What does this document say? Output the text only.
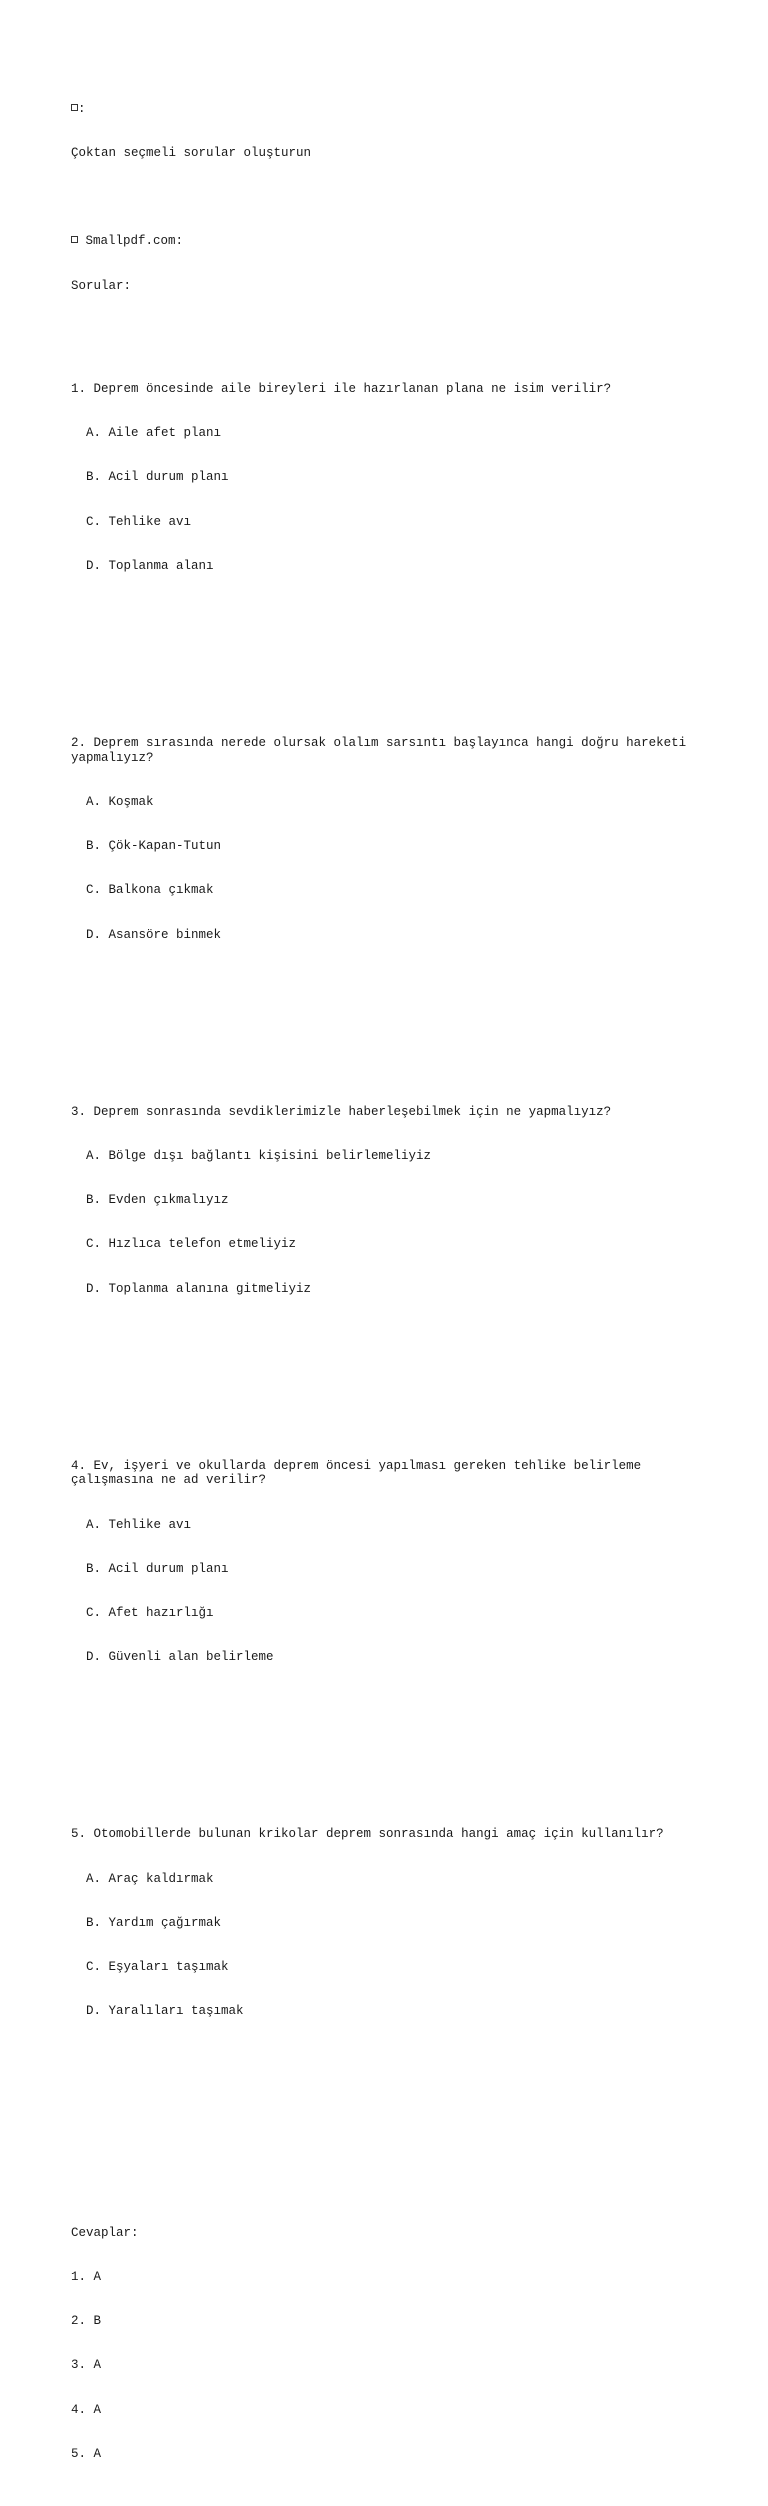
:

Çoktan seçmeli sorular oluşturun

Smallpdf.com:

Sorular:

1. Deprem öncesinde aile bireyleri ile hazırlanan plana ne isim verilir?

A. Aile afet planı

B. Acil durum planı

C. Tehlike avı

D. Toplanma alanı

2. Deprem sırasında nerede olursak olalım sarsıntı başlayınca hangi doğru hareketi yapmalıyız?

A. Koşmak

B. Çök-Kapan-Tutun

C. Balkona çıkmak

D. Asansöre binmek

3. Deprem sonrasında sevdiklerimizle haberleşebilmek için ne yapmalıyız?

A. Bölge dışı bağlantı kişisini belirlemeliyiz

B. Evden çıkmalıyız

C. Hızlıca telefon etmeliyiz

D. Toplanma alanına gitmeliyiz

4. Ev, işyeri ve okullarda deprem öncesi yapılması gereken tehlike belirleme çalışmasına ne ad verilir?

A. Tehlike avı

B. Acil durum planı

C. Afet hazırlığı

D. Güvenli alan belirleme

5. Otomobillerde bulunan krikolar deprem sonrasında hangi amaç için kullanılır?

A. Araç kaldırmak

B. Yardım çağırmak

C. Eşyaları taşımak

D. Yaralıları taşımak

Cevaplar:

1. A

2. B

3. A

4. A

5. A
